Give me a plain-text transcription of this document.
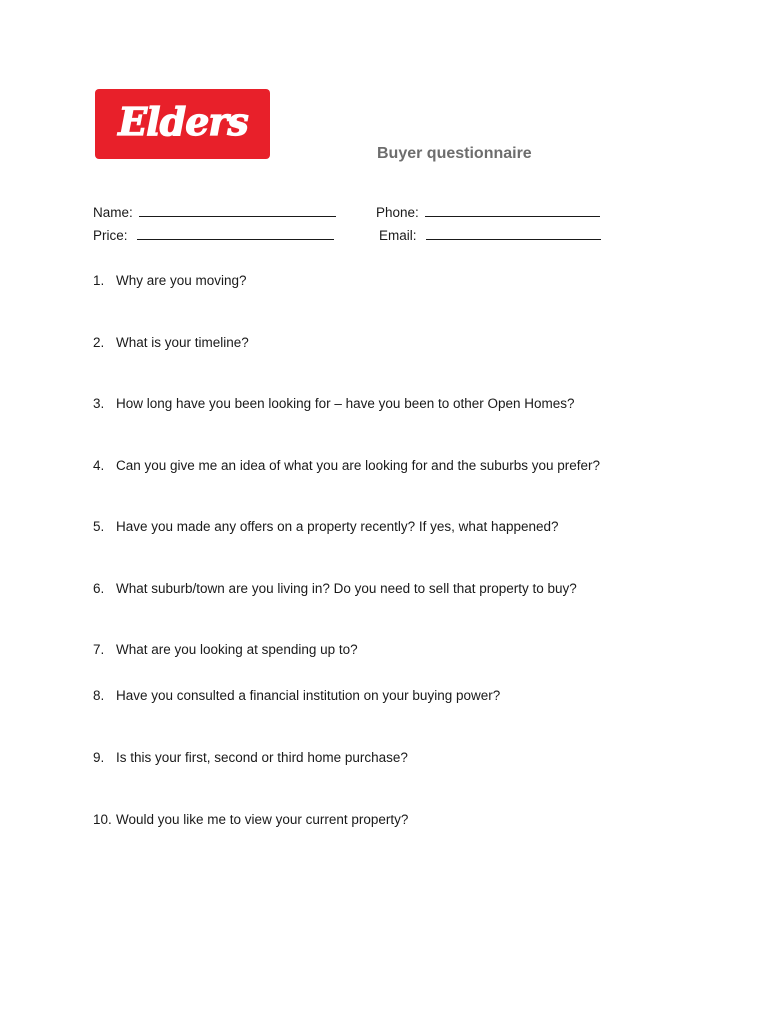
Elders
Buyer questionnaire
Name:
Price:
Phone:
Email:
1. Why are you moving?
2. What is your timeline?
3. How long have you been looking for – have you been to other Open Homes?
4. Can you give me an idea of what you are looking for and the suburbs you prefer?
5. Have you made any offers on a property recently? If yes, what happened?
6. What suburb/town are you living in? Do you need to sell that property to buy?
7. What are you looking at spending up to?
8. Have you consulted a financial institution on your buying power?
9. Is this your first, second or third home purchase?
10. Would you like me to view your current property?
